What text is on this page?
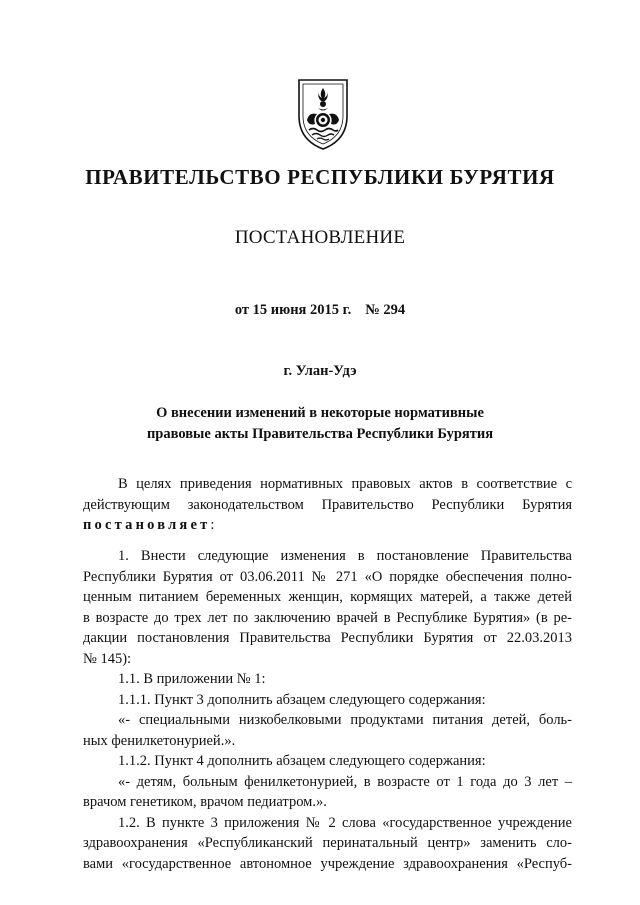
ПРАВИТЕЛЬСТВО РЕСПУБЛИКИ БУРЯТИЯ
ПОСТАНОВЛЕНИЕ
от 15 июня 2015 г. № 294
г. Улан-Удэ
О внесении изменений в некоторые нормативные
правовые акты Правительства Республики Бурятия
В целях приведения нормативных правовых актов в соответствие с
действующим законодательством Правительство Республики Бурятия
постановляет:
1. Внести следующие изменения в постановление Правительства
Республики Бурятия от 03.06.2011 № 271 «О порядке обеспечения полно-
ценным питанием беременных женщин, кормящих матерей, а также детей
в возрасте до трех лет по заключению врачей в Республике Бурятия» (в ре-
дакции постановления Правительства Республики Бурятия от 22.03.2013
№ 145):
1.1. В приложении № 1:
1.1.1. Пункт 3 дополнить абзацем следующего содержания:
«- специальными низкобелковыми продуктами питания детей, боль-
ных фенилкетонурией.».
1.1.2. Пункт 4 дополнить абзацем следующего содержания:
«- детям, больным фенилкетонурией, в возрасте от 1 года до 3 лет –
врачом генетиком, врачом педиатром.».
1.2. В пункте 3 приложения № 2 слова «государственное учреждение
здравоохранения «Республиканский перинатальный центр» заменить сло-
вами «государственное автономное учреждение здравоохранения «Респуб-
